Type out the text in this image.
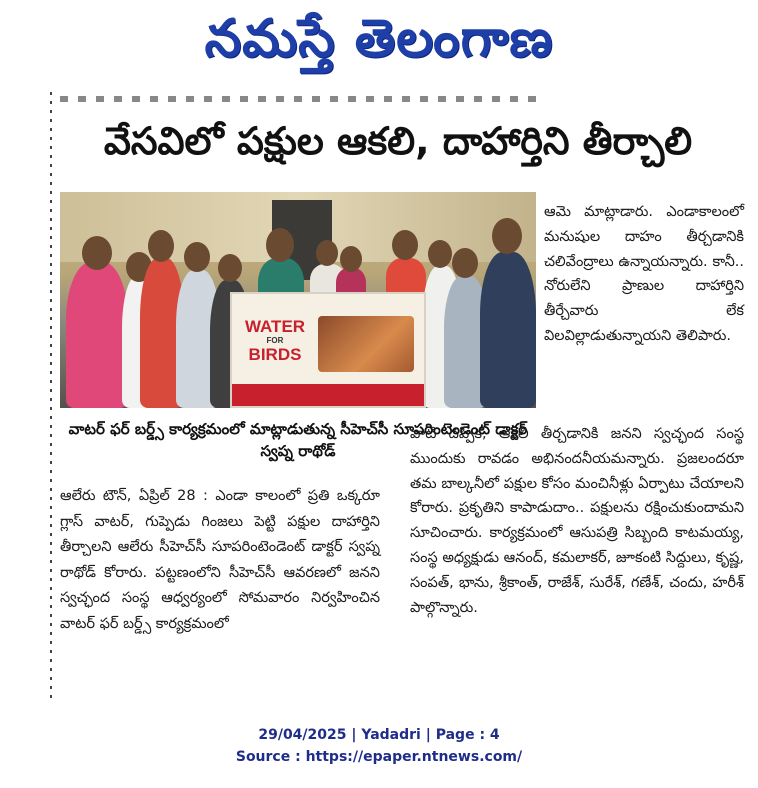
నమస్తే తెలంగాణ
వేసవిలో పక్షుల ఆకలి, దాహార్తిని తీర్చాలి
WATER
FOR
BIRDS
వాటర్ ఫర్ బర్డ్స్ కార్యక్రమంలో మాట్లాడుతున్న సీహెచ్‌సీ సూపరింటెండెంట్ డాక్టర్ స్వప్న రాథోడ్
ఆలేరు టౌన్, ఏప్రిల్ 28 : ఎండా కాలంలో ప్రతి ఒక్కరూ గ్లాస్ వాటర్, గుప్పెడు గింజలు పెట్టి పక్షుల దాహార్తిని తీర్చాలని ఆలేరు సీహెచ్‌సీ సూపరింటెండెంట్ డాక్టర్ స్వప్న రాథోడ్ కోరారు. పట్టణంలోని సీహెచ్‌సీ ఆవరణలో జనని స్వచ్ఛంద సంస్థ ఆధ్వర్యంలో సోమవారం నిర్వహించిన వాటర్ ఫర్ బర్డ్స్ కార్యక్రమంలో
ఆమె మాట్లాడారు. ఎండాకాలంలో మనుషుల దాహం తీర్చడానికి చలివేంద్రాలు ఉన్నాయన్నారు. కానీ.. నోరులేని ప్రాణుల దాహార్తిని తీర్చేవారు లేక విలవిల్లాడుతున్నాయని తెలిపారు.
వాటి దప్పిక, ఆకలి తీర్చడానికి జనని స్వచ్ఛంద సంస్థ ముందుకు రావడం అభినందనీయమన్నారు. ప్రజలందరూ తమ బాల్కనీలో పక్షుల కోసం మంచినీళ్లు ఏర్పాటు చేయాలని కోరారు. ప్రకృతిని కాపాడుదాం.. పక్షులను రక్షించుకుందామని సూచించారు. కార్యక్రమంలో ఆసుపత్రి సిబ్బంది కాటమయ్య, సంస్థ అధ్యక్షుడు ఆనంద్, కమలాకర్, జూకంటి సిద్దులు, కృష్ణ, సంపత్, భాను, శ్రీకాంత్, రాజేశ్, సురేశ్, గణేశ్, చందు, హరీశ్ పాల్గొన్నారు.
29/04/2025 | Yadadri | Page : 4
Source : https://epaper.ntnews.com/
